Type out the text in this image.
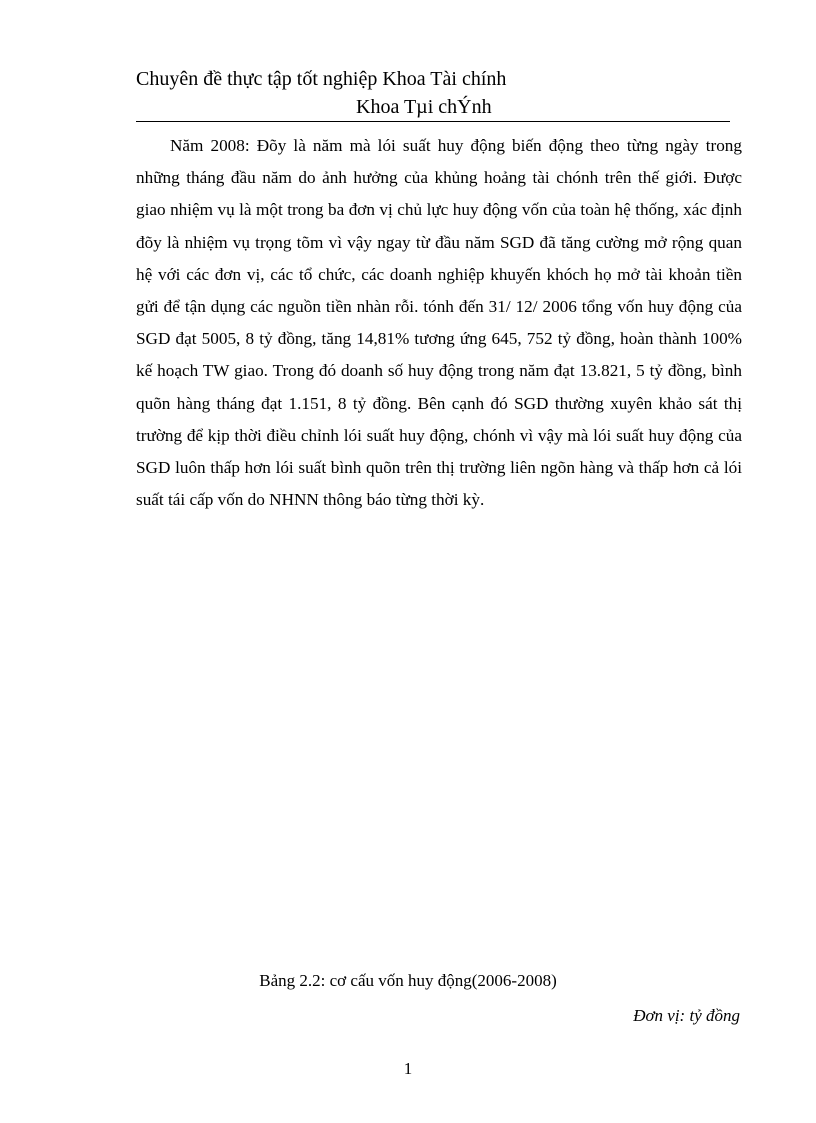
Chuyên đề thực tập tốt nghiệp Khoa Tài chính
Khoa Tµi chÝnh

Năm 2008: Đõy là năm mà lói suất huy động biến động theo từng ngày trong những tháng đầu năm do ảnh hưởng của khủng hoảng tài chónh trên thế giới. Được giao nhiệm vụ là một trong ba đơn vị chủ lực huy động vốn của toàn hệ thống, xác định đõy là nhiệm vụ trọng tõm vì vậy ngay từ đầu năm SGD đã tăng cường mở rộng quan hệ với các đơn vị, các tổ chức, các doanh nghiệp khuyến khóch họ mở tài khoản tiền gửi để tận dụng các nguồn tiền nhàn rỗi. tónh đến 31/ 12/ 2006 tổng vốn huy động của SGD đạt 5005, 8 tỷ đồng, tăng 14,81% tương ứng 645, 752 tỷ đồng, hoàn thành 100% kế hoạch TW giao. Trong đó doanh số huy động trong năm đạt 13.821, 5 tỷ đồng, bình quõn hàng tháng đạt 1.151, 8 tỷ đồng. Bên cạnh đó SGD thường xuyên khảo sát thị trường để kịp thời điều chỉnh lói suất huy động, chónh vì vậy mà lói suất huy động của SGD luôn thấp hơn lói suất bình quõn trên thị trường liên ngõn hàng và thấp hơn cả lói suất tái cấp vốn do NHNN thông báo từng thời kỳ.

Bảng 2.2: cơ cấu vốn huy động(2006-2008)
Đơn vị: tỷ đồng
1
